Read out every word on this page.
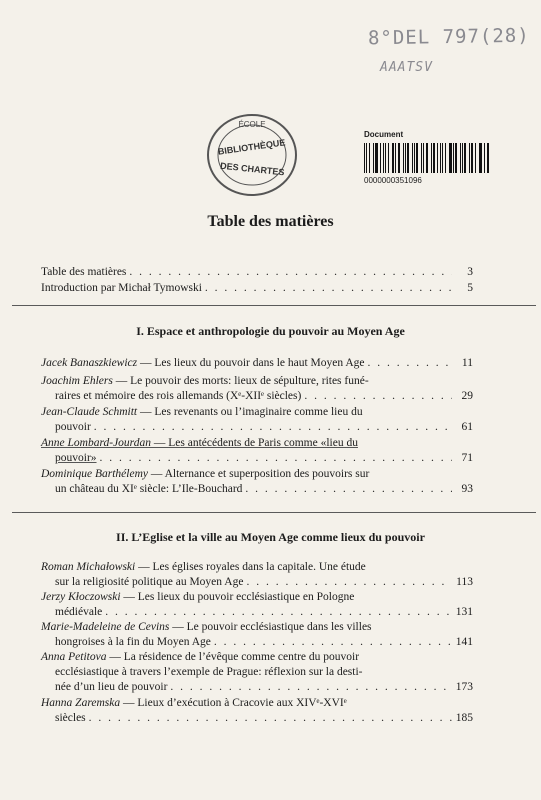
8°DEL 797(28)
AAATSV
ÉCOLE
BIBLIOTHÈQUE
DES CHARTES
Document
0000000351096
Table des matières
Table des matières . . .	3
Introduction par Michał Tymowski . . .	5
I. Espace et anthropologie du pouvoir au Moyen Age
Jacek Banaszkiewicz — Les lieux du pouvoir dans le haut Moyen Age . . .	11
Joachim Ehlers — Le pouvoir des morts: lieux de sépulture, rites funé-
raires et mémoire des rois allemands (Xᵉ-XIIᵉ siècles) . . .	29
Jean-Claude Schmitt — Les revenants ou l’imaginaire comme lieu du
pouvoir . . .	61
Anne Lombard-Jourdan — Les antécédents de Paris comme «lieu du
pouvoir» . . .	71
Dominique Barthélemy — Alternance et superposition des pouvoirs sur
un château du XIᵉ siècle: L’Ile-Bouchard . . .	93
II. L’Eglise et la ville au Moyen Age comme lieux du pouvoir
Roman Michałowski — Les églises royales dans la capitale. Une étude
sur la religiosité politique au Moyen Age . . .	113
Jerzy Kłoczowski — Les lieux du pouvoir ecclésiastique en Pologne
médiévale . . .	131
Marie-Madeleine de Cevins — Le pouvoir ecclésiastique dans les villes
hongroises à la fin du Moyen Age . . .	141
Anna Petitova — La résidence de l’évêque comme centre du pouvoir
ecclésiastique à travers l’exemple de Prague: réflexion sur la desti-
née d’un lieu de pouvoir . . .	173
Hanna Zaremska — Lieux d’exécution à Cracovie aux XIVᵉ-XVIᵉ
siècles . . .	185
